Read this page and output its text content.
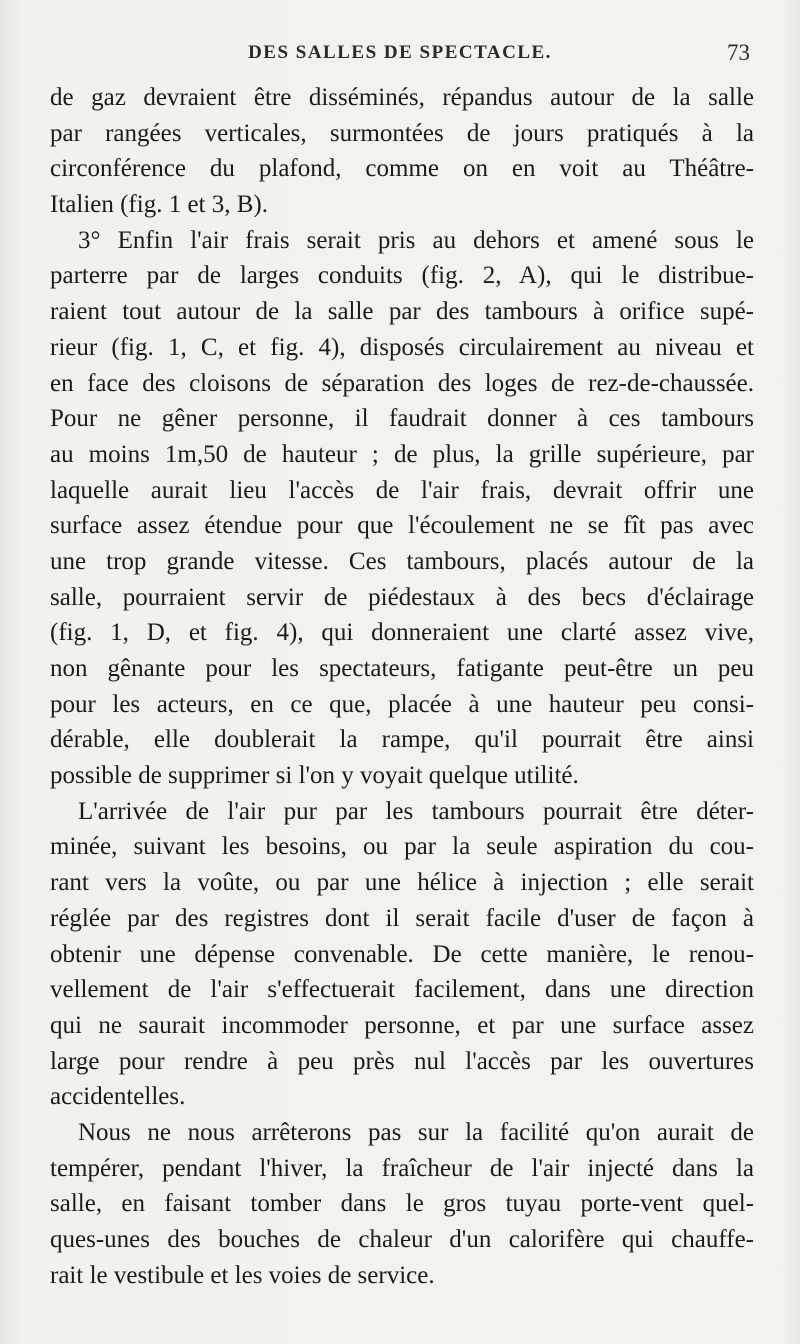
DES SALLES DE SPECTACLE.	73
de gaz devraient être disséminés, répandus autour de la salle
par rangées verticales, surmontées de jours pratiqués à la
circonférence du plafond, comme on en voit au Théâtre-
Italien (fig. 1 et 3, B).
3° Enfin l'air frais serait pris au dehors et amené sous le
parterre par de larges conduits (fig. 2, A), qui le distribue-
raient tout autour de la salle par des tambours à orifice supé-
rieur (fig. 1, C, et fig. 4), disposés circulairement au niveau et
en face des cloisons de séparation des loges de rez-de-chaussée.
Pour ne gêner personne, il faudrait donner à ces tambours
au moins 1m,50 de hauteur ; de plus, la grille supérieure, par
laquelle aurait lieu l'accès de l'air frais, devrait offrir une
surface assez étendue pour que l'écoulement ne se fît pas avec
une trop grande vitesse. Ces tambours, placés autour de la
salle, pourraient servir de piédestaux à des becs d'éclairage
(fig. 1, D, et fig. 4), qui donneraient une clarté assez vive,
non gênante pour les spectateurs, fatigante peut-être un peu
pour les acteurs, en ce que, placée à une hauteur peu consi-
dérable, elle doublerait la rampe, qu'il pourrait être ainsi
possible de supprimer si l'on y voyait quelque utilité.
L'arrivée de l'air pur par les tambours pourrait être déter-
minée, suivant les besoins, ou par la seule aspiration du cou-
rant vers la voûte, ou par une hélice à injection ; elle serait
réglée par des registres dont il serait facile d'user de façon à
obtenir une dépense convenable. De cette manière, le renou-
vellement de l'air s'effectuerait facilement, dans une direction
qui ne saurait incommoder personne, et par une surface assez
large pour rendre à peu près nul l'accès par les ouvertures
accidentelles.
Nous ne nous arrêterons pas sur la facilité qu'on aurait de
tempérer, pendant l'hiver, la fraîcheur de l'air injecté dans la
salle, en faisant tomber dans le gros tuyau porte-vent quel-
ques-unes des bouches de chaleur d'un calorifère qui chauffe-
rait le vestibule et les voies de service.
